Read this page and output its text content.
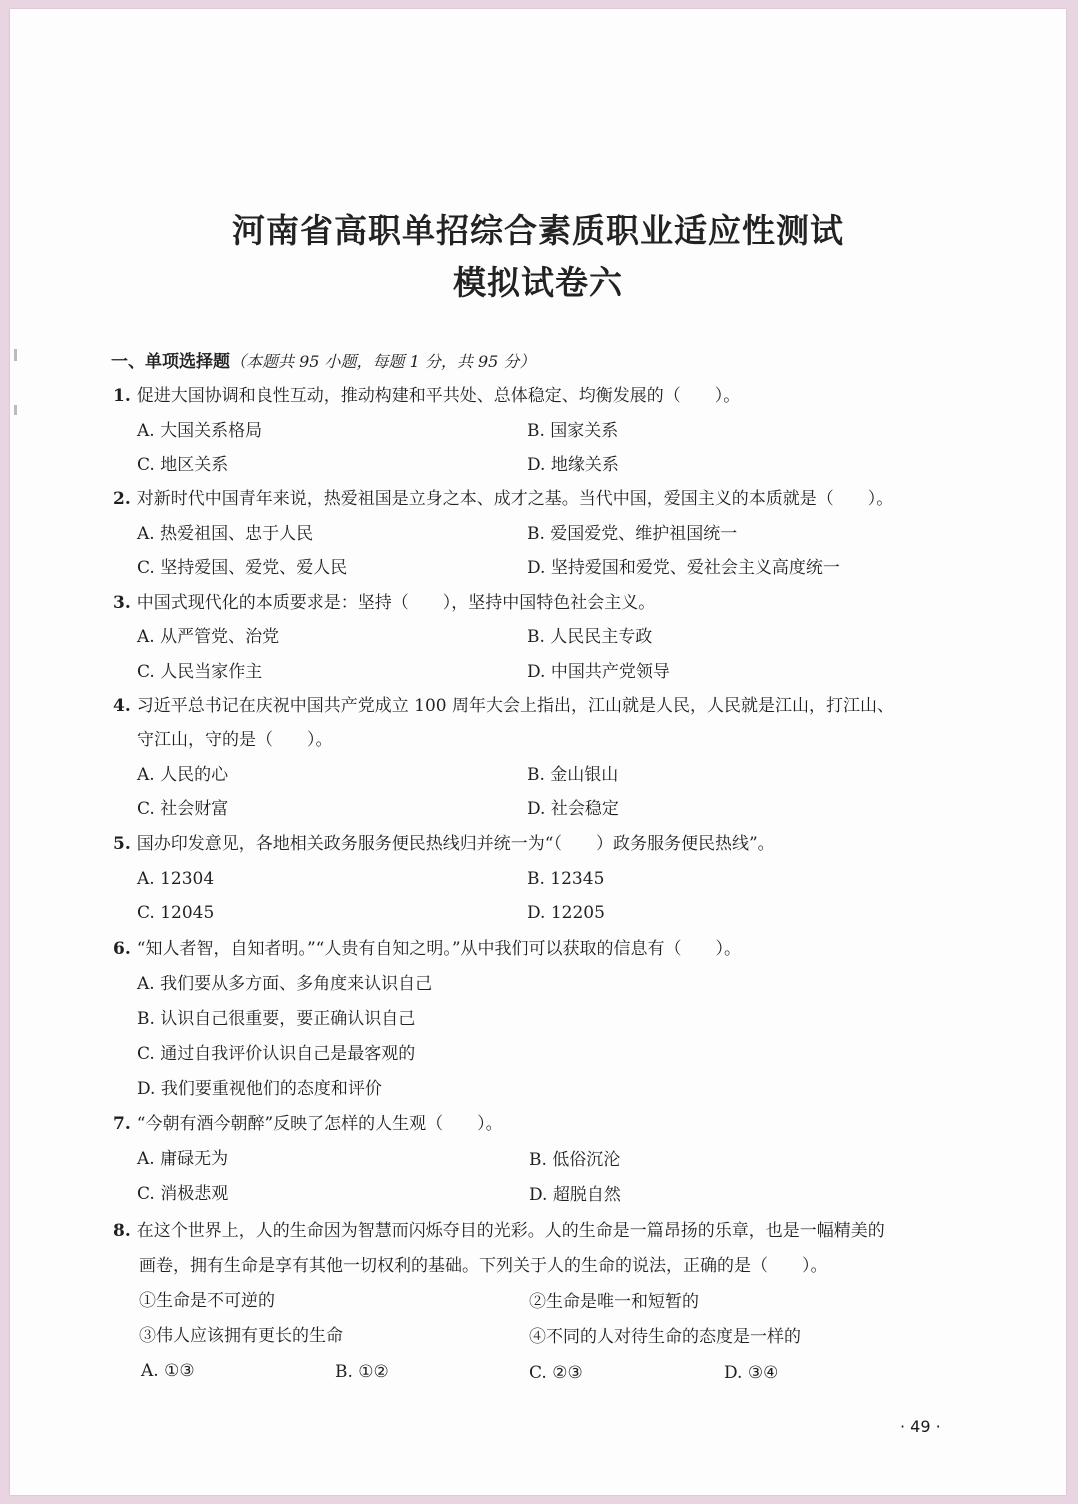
河南省高职单招综合素质职业适应性测试
模拟试卷六
一、单项选择题（本题共 95 小题，每题 1 分，共 95 分）
1. 促进大国协调和良性互动，推动构建和平共处、总体稳定、均衡发展的（　　）。
A. 大国关系格局	B. 国家关系
C. 地区关系	D. 地缘关系
2. 对新时代中国青年来说，热爱祖国是立身之本、成才之基。当代中国，爱国主义的本质就是（　　）。
A. 热爱祖国、忠于人民	B. 爱国爱党、维护祖国统一
C. 坚持爱国、爱党、爱人民	D. 坚持爱国和爱党、爱社会主义高度统一
3. 中国式现代化的本质要求是：坚持（　　），坚持中国特色社会主义。
A. 从严管党、治党	B. 人民民主专政
C. 人民当家作主	D. 中国共产党领导
4. 习近平总书记在庆祝中国共产党成立 100 周年大会上指出，江山就是人民，人民就是江山，打江山、
守江山，守的是（　　）。
A. 人民的心	B. 金山银山
C. 社会财富	D. 社会稳定
5. 国办印发意见，各地相关政务服务便民热线归并统一为“（　　）政务服务便民热线”。
A. 12304	B. 12345
C. 12045	D. 12205
6. “知人者智，自知者明。”“人贵有自知之明。”从中我们可以获取的信息有（　　）。
A. 我们要从多方面、多角度来认识自己
B. 认识自己很重要，要正确认识自己
C. 通过自我评价认识自己是最客观的
D. 我们要重视他们的态度和评价
7. “今朝有酒今朝醉”反映了怎样的人生观（　　）。
A. 庸碌无为	B. 低俗沉沦
C. 消极悲观	D. 超脱自然
8. 在这个世界上，人的生命因为智慧而闪烁夺目的光彩。人的生命是一篇昂扬的乐章，也是一幅精美的
画卷，拥有生命是享有其他一切权利的基础。下列关于人的生命的说法，正确的是（　　）。
①生命是不可逆的	②生命是唯一和短暂的
③伟人应该拥有更长的生命	④不同的人对待生命的态度是一样的
A. ①③	B. ①②	C. ②③	D. ③④
· 49 ·
